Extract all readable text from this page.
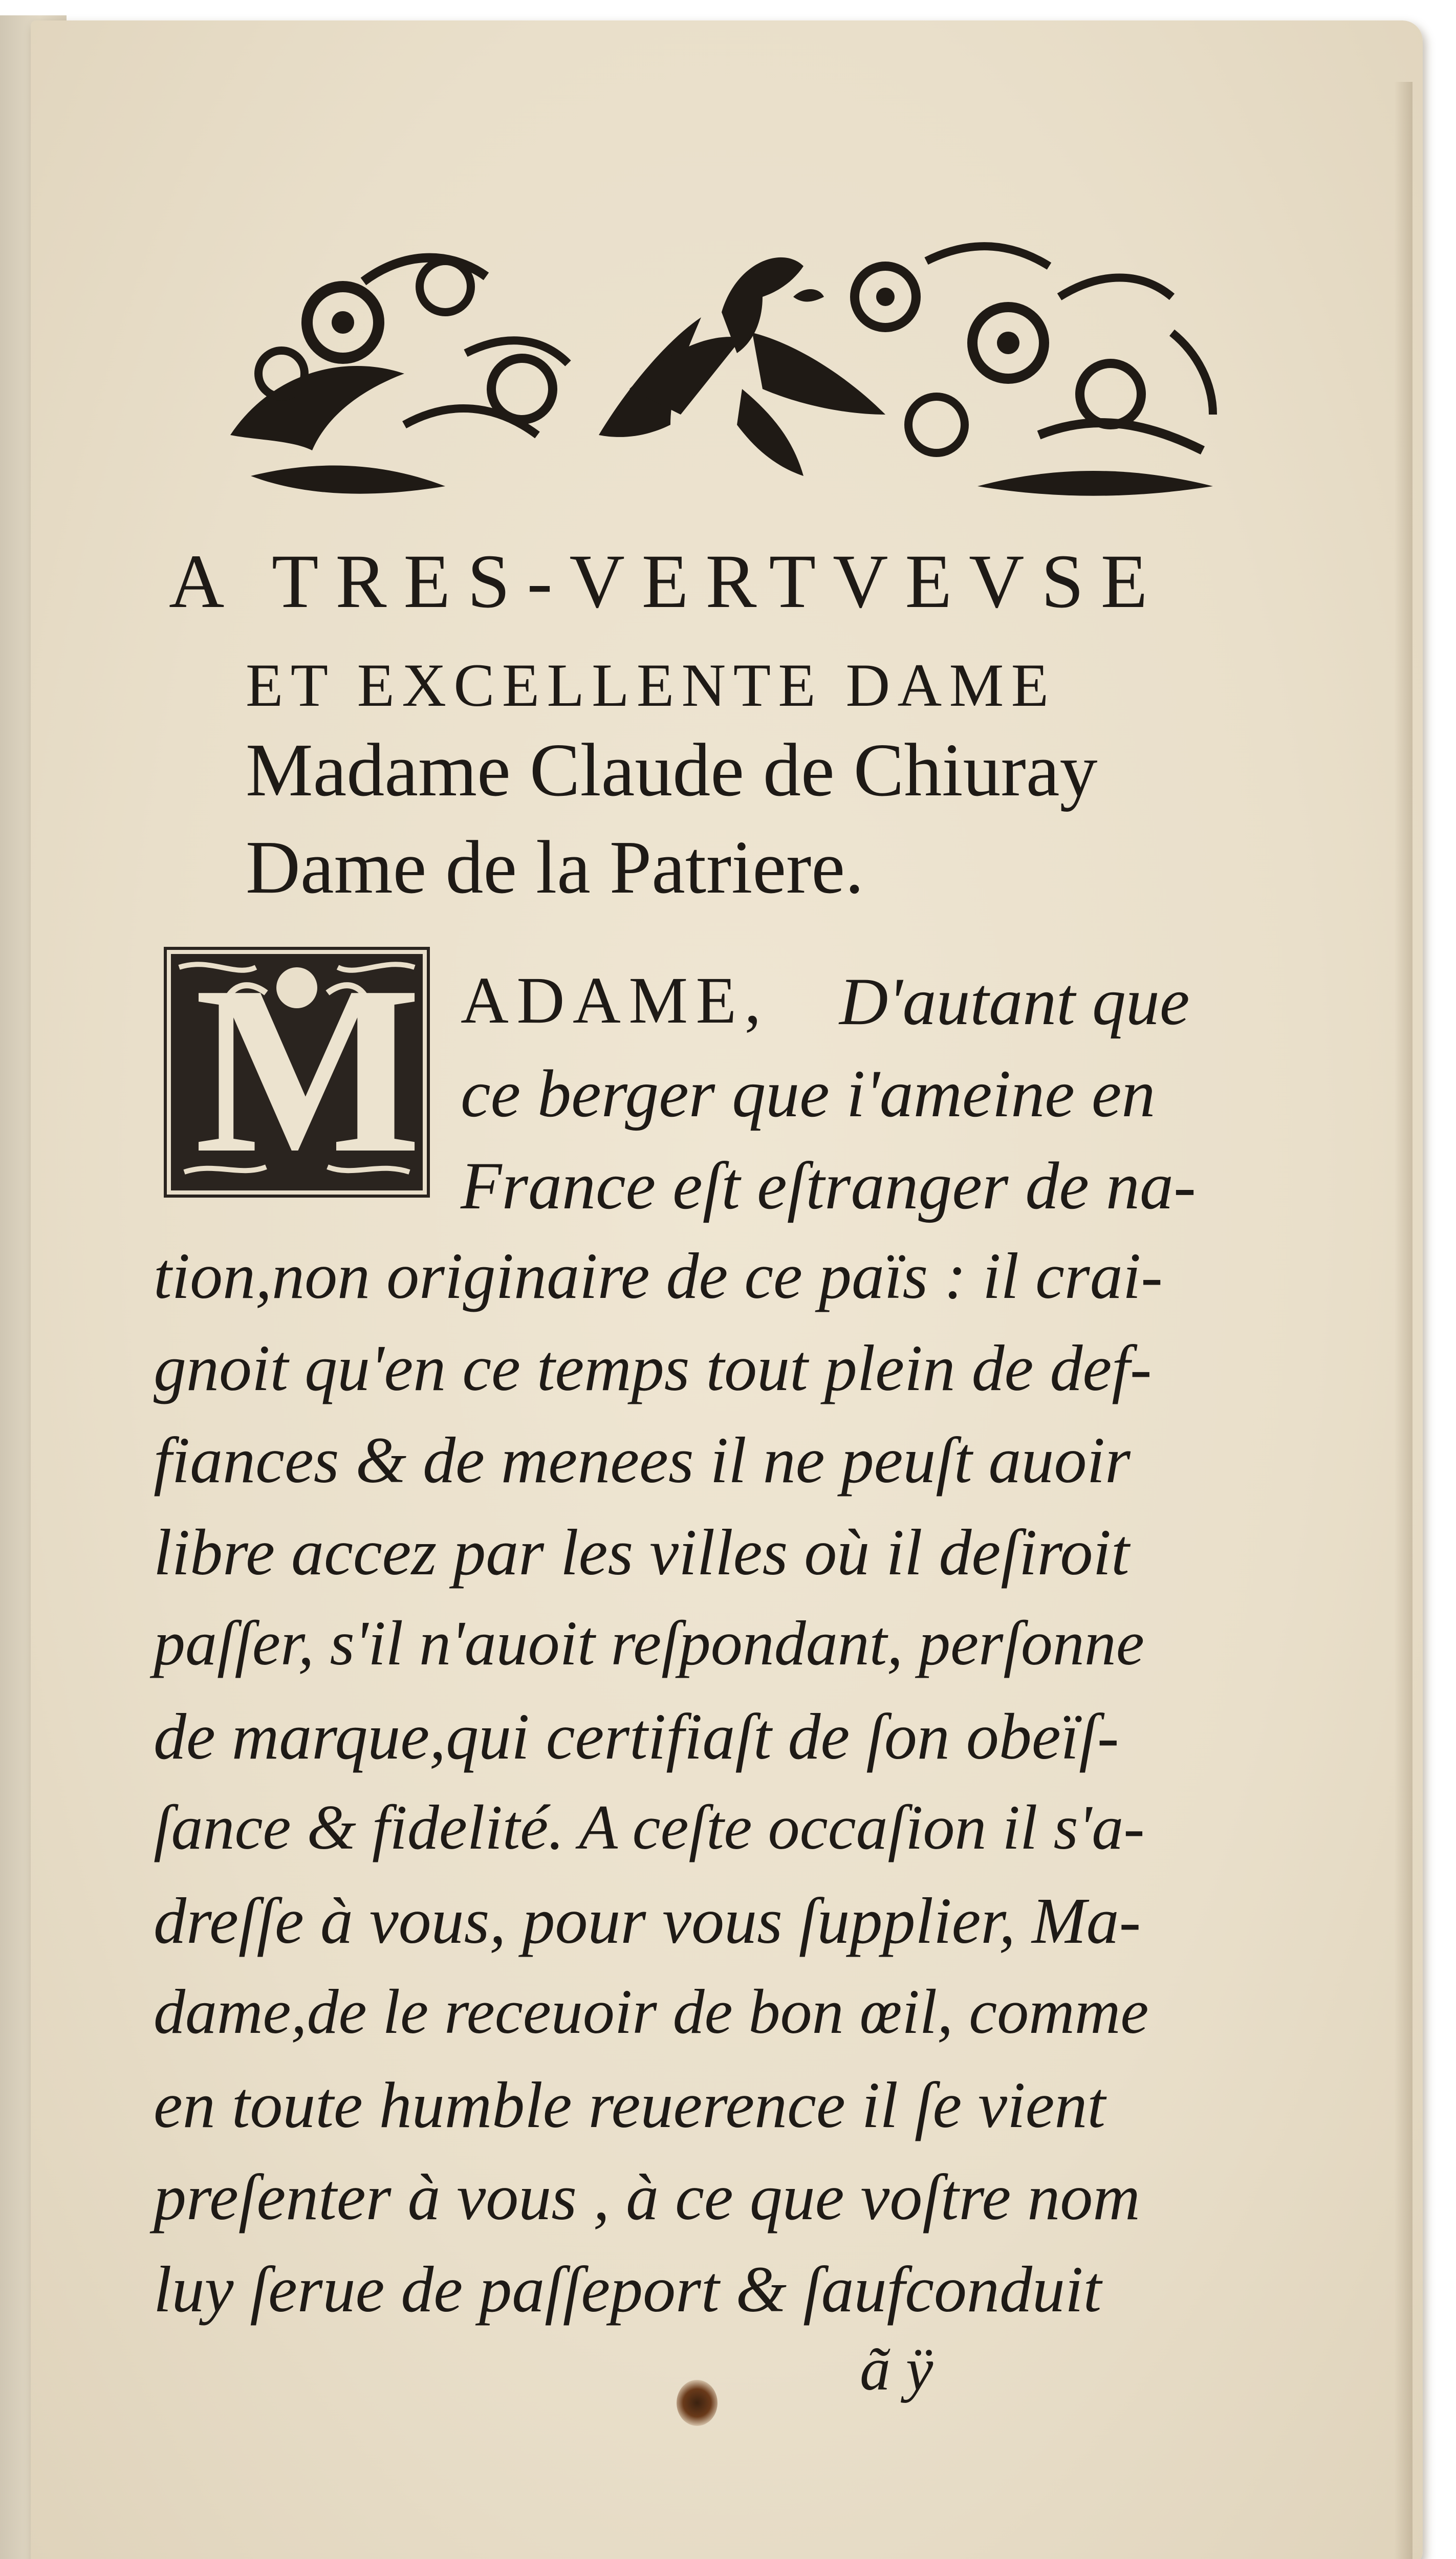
A TRES-VERTVEVSE
ET EXCELLENTE DAME
Madame Claude de Chiuray
Dame de la Patriere.
M ADAME, D'autant que
ce berger que i'ameine en
France eſt eſtranger de na-
tion,non originaire de ce païs : il crai-
gnoit qu'en ce temps tout plein de def-
fiances & de menees il ne peuſt auoir
libre accez par les villes où il deſiroit
paſſer, s'il n'auoit reſpondant, perſonne
de marque,qui certifiaſt de ſon obeïſ-
ſance & fidelité. A ceſte occaſion il s'a-
dreſſe à vous, pour vous ſupplier, Ma-
dame,de le receuoir de bon œil, comme
en toute humble reuerence il ſe vient
preſenter à vous , à ce que voſtre nom
luy ſerue de paſſeport & ſaufconduit
ã ÿ
